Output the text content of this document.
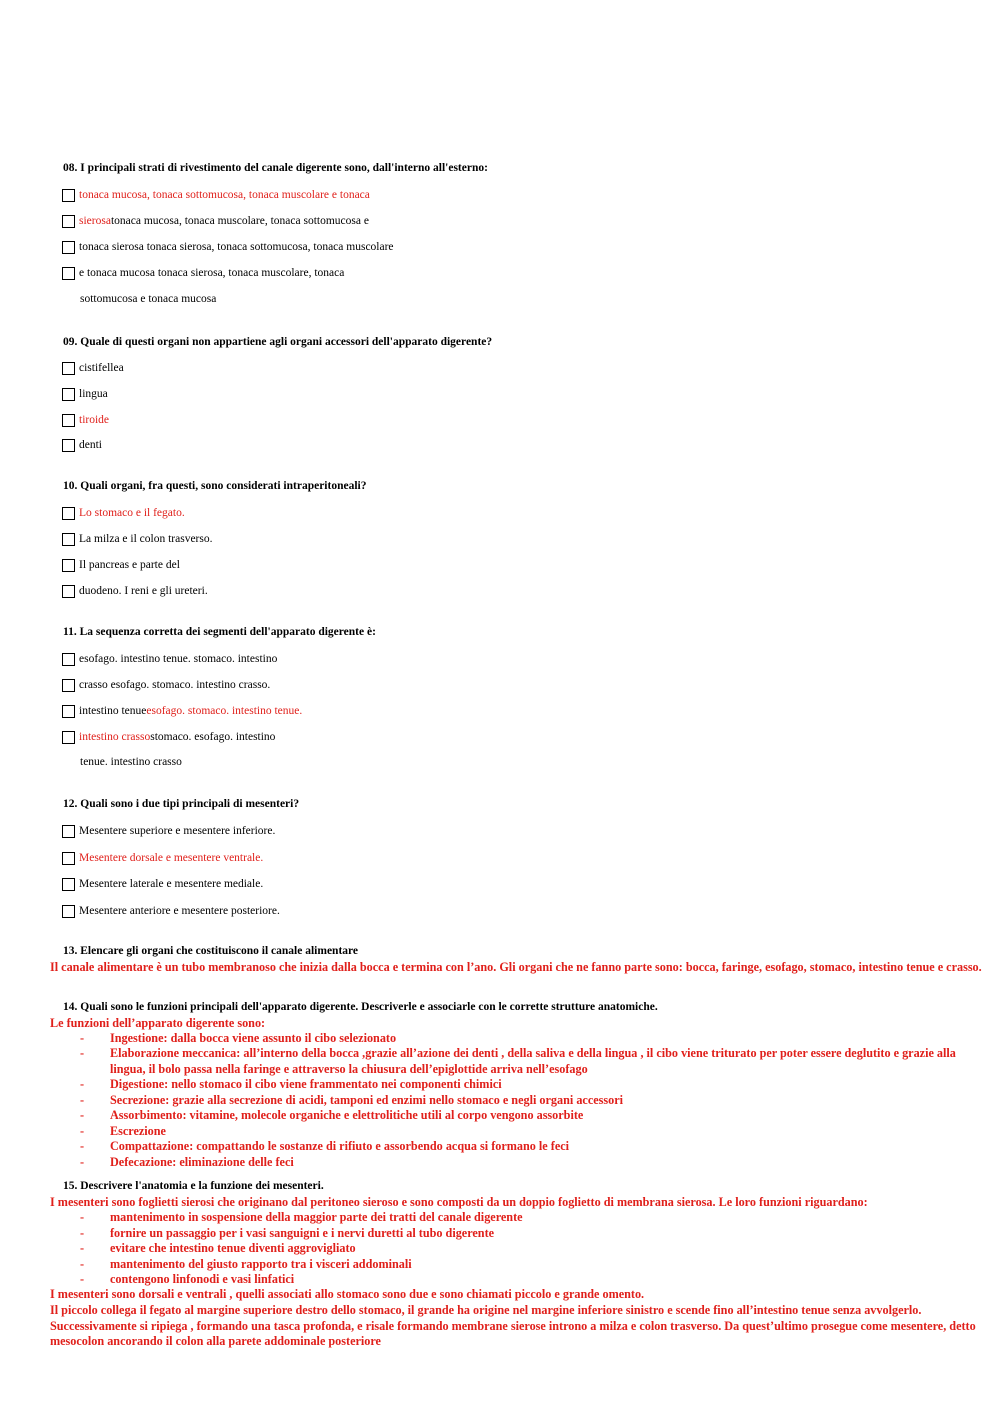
08. I principali strati di rivestimento del canale digerente sono, dall'interno all'esterno:
tonaca mucosa, tonaca sottomucosa, tonaca muscolare e tonaca
sierosa tonaca mucosa, tonaca muscolare, tonaca sottomucosa e
tonaca sierosa tonaca sierosa, tonaca sottomucosa, tonaca muscolare
e tonaca mucosa tonaca sierosa, tonaca muscolare, tonaca
sottomucosa e tonaca mucosa
09. Quale di questi organi non appartiene agli organi accessori dell'apparato digerente?
cistifellea
lingua
tiroide
denti
10. Quali organi, fra questi, sono considerati intraperitoneali?
Lo stomaco e il fegato.
La milza e il colon trasverso.
Il pancreas e parte del
duodeno. I reni e gli ureteri.
11. La sequenza corretta dei segmenti dell'apparato digerente è:
esofago. intestino tenue. stomaco. intestino
crasso esofago. stomaco. intestino crasso.
intestino tenue esofago. stomaco. intestino tenue.
intestino crasso stomaco. esofago. intestino
tenue. intestino crasso
12. Quali sono i due tipi principali di mesenteri?
Mesentere superiore e mesentere inferiore.
Mesentere dorsale e mesentere ventrale.
Mesentere laterale e mesentere mediale.
Mesentere anteriore e mesentere posteriore.
13. Elencare gli organi che costituiscono il canale alimentare
Il canale alimentare è un tubo membranoso che inizia dalla bocca e termina con l’ano. Gli organi che ne fanno parte sono: bocca, faringe, esofago, stomaco, intestino tenue e crasso.
14. Quali sono le funzioni principali dell'apparato digerente. Descriverle e associarle con le corrette strutture anatomiche.
Le funzioni dell’apparato digerente sono:
- Ingestione: dalla bocca viene assunto il cibo selezionato
- Elaborazione meccanica: all’interno della bocca ,grazie all’azione dei denti , della saliva e della lingua , il cibo viene triturato per poter essere deglutito e grazie alla lingua, il bolo passa nella faringe e attraverso la chiusura dell’epiglottide arriva nell’esofago
- Digestione: nello stomaco il cibo viene frammentato nei componenti chimici
- Secrezione: grazie alla secrezione di acidi, tamponi ed enzimi nello stomaco e negli organi accessori
- Assorbimento: vitamine, molecole organiche e elettrolitiche utili al corpo vengono assorbite
- Escrezione
- Compattazione: compattando le sostanze di rifiuto e assorbendo acqua si formano le feci
- Defecazione: eliminazione delle feci
15. Descrivere l'anatomia e la funzione dei mesenteri.
I mesenteri sono foglietti sierosi che originano dal peritoneo sieroso e sono composti da un doppio foglietto di membrana sierosa. Le loro funzioni riguardano:
- mantenimento in sospensione della maggior parte dei tratti del canale digerente
- fornire un passaggio per i vasi sanguigni e i nervi duretti al tubo digerente
- evitare che intestino tenue diventi aggrovigliato
- mantenimento del giusto rapporto tra i visceri addominali
- contengono linfonodi e vasi linfatici
I mesenteri sono dorsali e ventrali , quelli associati allo stomaco sono due e sono chiamati piccolo e grande omento.
Il piccolo collega il fegato al margine superiore destro dello stomaco, il grande ha origine nel margine inferiore sinistro e scende fino all’intestino tenue senza avvolgerlo. Successivamente si ripiega , formando una tasca profonda, e risale formando membrane sierose introno a milza e colon trasverso. Da quest’ultimo prosegue come mesentere, detto mesocolon ancorando il colon alla parete addominale posteriore
